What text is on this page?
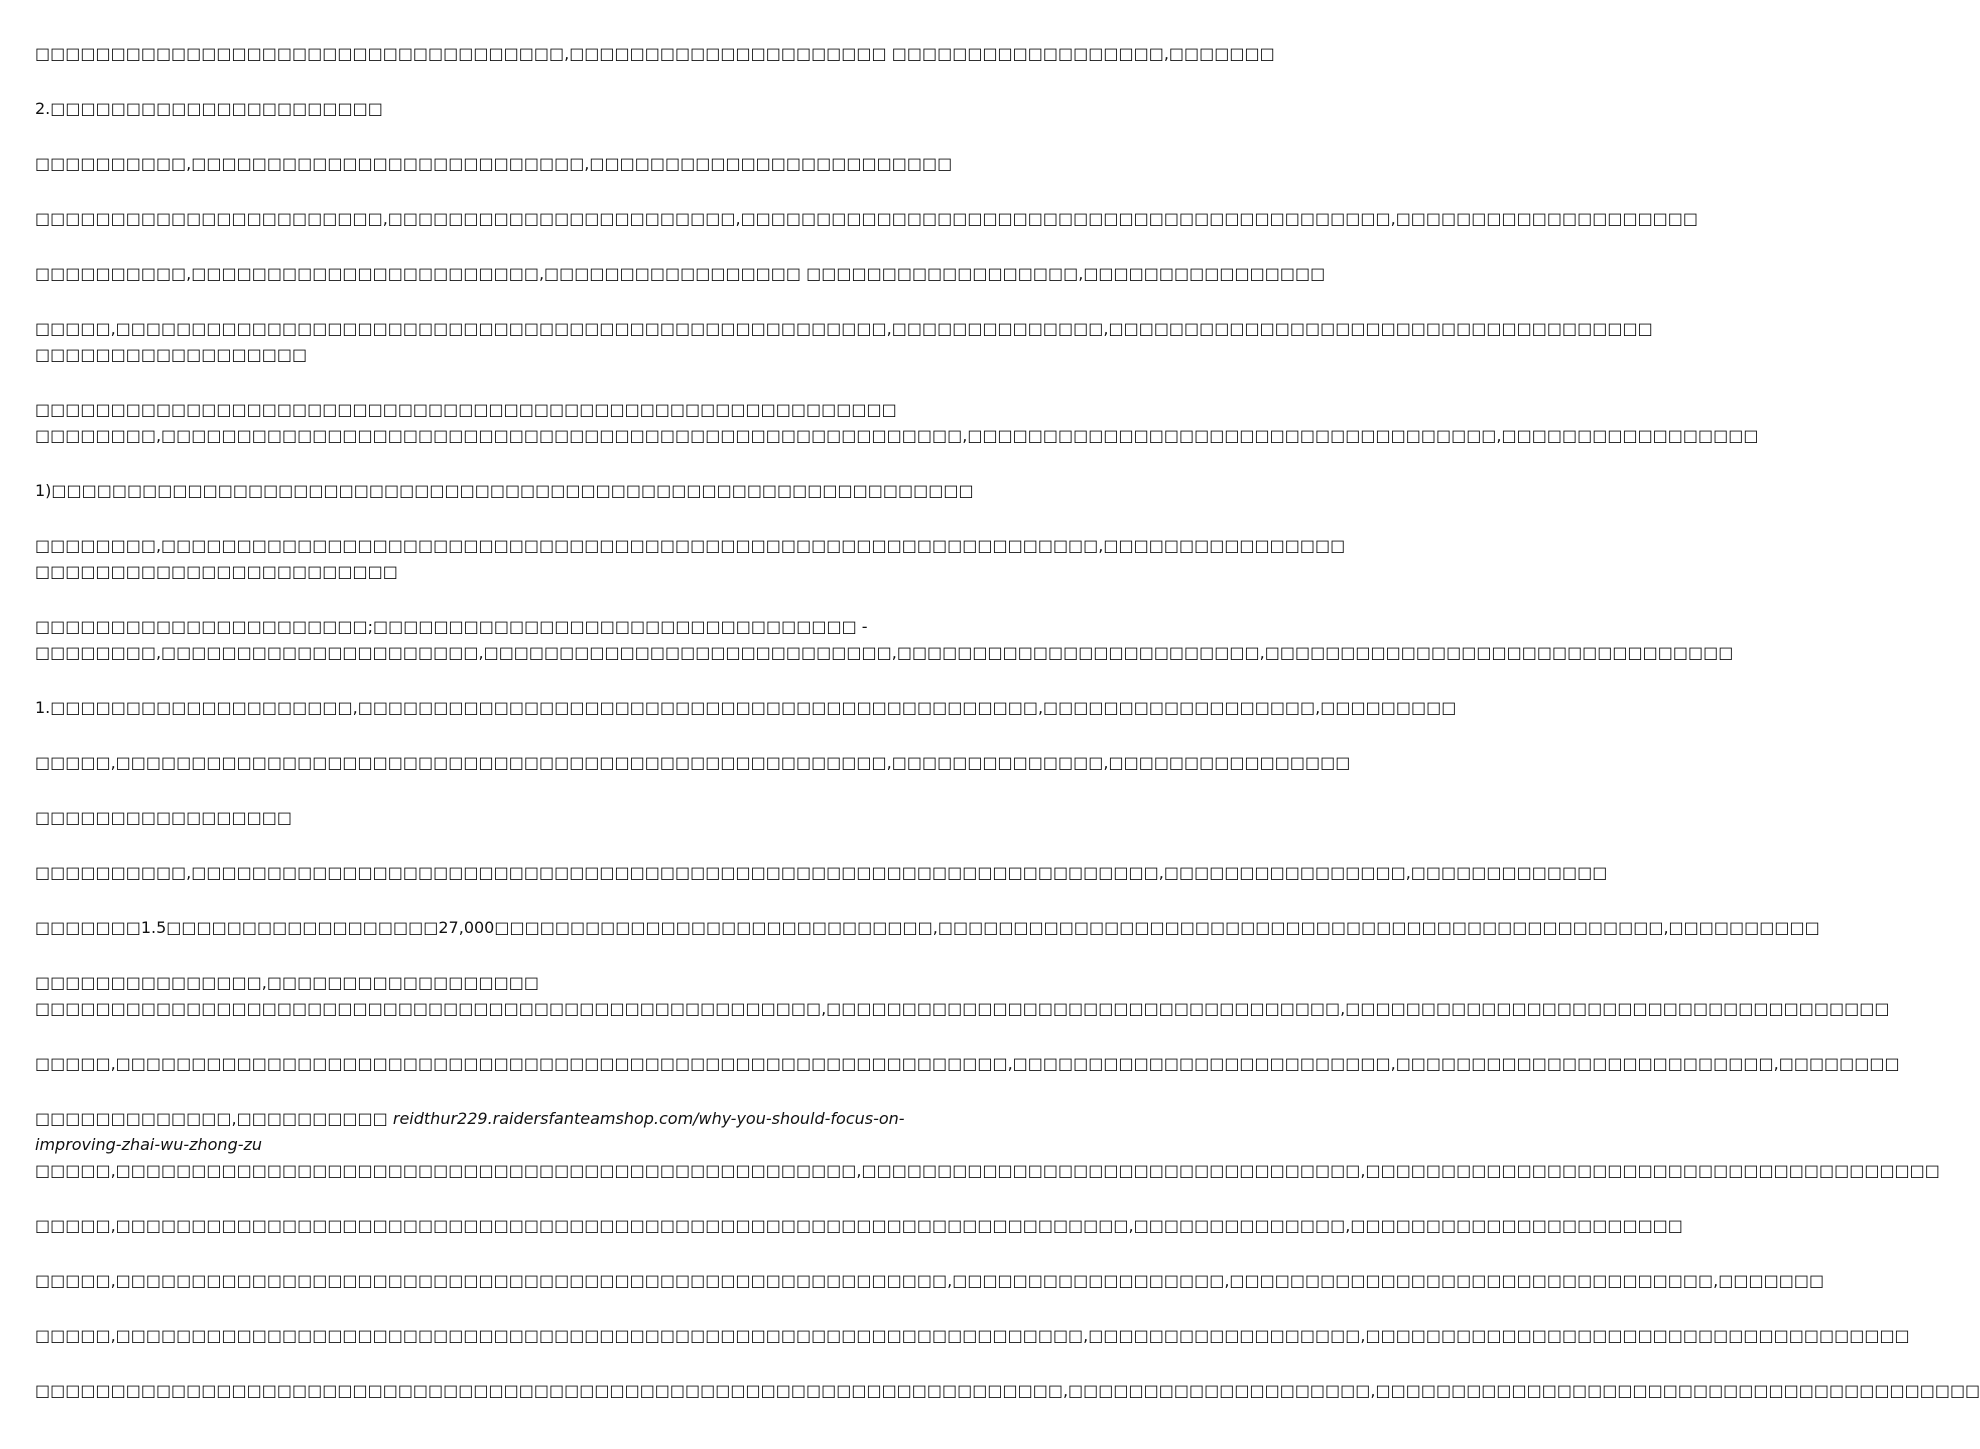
□□□□□□□□□□□□□□□□□□□□□□□□□□□□□□□□□□□,□□□□□□□□□□□□□□□□□□□□□ □□□□□□□□□□□□□□□□□□,□□□□□□□

2.□□□□□□□□□□□□□□□□□□□□□□

□□□□□□□□□□,□□□□□□□□□□□□□□□□□□□□□□□□□□,□□□□□□□□□□□□□□□□□□□□□□□□

□□□□□□□□□□□□□□□□□□□□□□□,□□□□□□□□□□□□□□□□□□□□□□□,□□□□□□□□□□□□□□□□□□□□□□□□□□□□□□□□□□□□□□□□□□□,□□□□□□□□□□□□□□□□□□□□

□□□□□□□□□□,□□□□□□□□□□□□□□□□□□□□□□□,□□□□□□□□□□□□□□□□□ □□□□□□□□□□□□□□□□□□,□□□□□□□□□□□□□□□□

□□□□□,□□□□□□□□□□□□□□□□□□□□□□□□□□□□□□□□□□□□□□□□□□□□□□□□□□□,□□□□□□□□□□□□□□,□□□□□□□□□□□□□□□□□□□□□□□□□□□□□□□□□□□□
□□□□□□□□□□□□□□□□□□

□□□□□□□□□□□□□□□□□□□□□□□□□□□□□□□□□□□□□□□□□□□□□□□□□□□□□□□□□

□□□□□□□□,□□□□□□□□□□□□□□□□□□□□□□□□□□□□□□□□□□□□□□□□□□□□□□□□□□□□□,□□□□□□□□□□□□□□□□□□□□□□□□□□□□□□□□□□□,□□□□□□□□□□□□□□□□□

1)□□□□□□□□□□□□□□□□□□□□□□□□□□□□□□□□□□□□□□□□□□□□□□□□□□□□□□□□□□□□□

□□□□□□□□,□□□□□□□□□□□□□□□□□□□□□□□□□□□□□□□□□□□□□□□□□□□□□□□□□□□□□□□□□□□□□□,□□□□□□□□□□□□□□□□
□□□□□□□□□□□□□□□□□□□□□□□□

□□□□□□□□□□□□□□□□□□□□□□;□□□□□□□□□□□□□□□□□□□□□□□□□□□□□□□□ -

□□□□□□□□,□□□□□□□□□□□□□□□□□□□□□,□□□□□□□□□□□□□□□□□□□□□□□□□□□,□□□□□□□□□□□□□□□□□□□□□□□□,□□□□□□□□□□□□□□□□□□□□□□□□□□□□□□□

1.□□□□□□□□□□□□□□□□□□□□,□□□□□□□□□□□□□□□□□□□□□□□□□□□□□□□□□□□□□□□□□□□□□,□□□□□□□□□□□□□□□□□□,□□□□□□□□□

□□□□□,□□□□□□□□□□□□□□□□□□□□□□□□□□□□□□□□□□□□□□□□□□□□□□□□□□□,□□□□□□□□□□□□□□,□□□□□□□□□□□□□□□□

□□□□□□□□□□□□□□□□□

□□□□□□□□□□,□□□□□□□□□□□□□□□□□□□□□□□□□□□□□□□□□□□□□□□□□□□□□□□□□□□□□□□□□□□□□□□□,□□□□□□□□□□□□□□□□,□□□□□□□□□□□□□

□□□□□□□1.5□□□□□□□□□□□□□□□□□□27,000□□□□□□□□□□□□□□□□□□□□□□□□□□□□□,□□□□□□□□□□□□□□□□□□□□□□□□□□□□□□□□□□□□□□□□□□□□□□□□,□□□□□□□□□□

□□□□□□□□□□□□□□□,□□□□□□□□□□□□□□□□□□

□□□□□□□□□□□□□□□□□□□□□□□□□□□□□□□□□□□□□□□□□□□□□□□□□□□□,□□□□□□□□□□□□□□□□□□□□□□□□□□□□□□□□□□,□□□□□□□□□□□□□□□□□□□□□□□□□□□□□□□□□□□□

□□□□□,□□□□□□□□□□□□□□□□□□□□□□□□□□□□□□□□□□□□□□□□□□□□□□□□□□□□□□□□□□□,□□□□□□□□□□□□□□□□□□□□□□□□□,□□□□□□□□□□□□□□□□□□□□□□□□□,□□□□□□□□

□□□□□□□□□□□□□,□□□□□□□□□□ reidthur229.raidersfanteamshop.com/why-you-should-focus-on-improving-zhai-wu-zhong-zu

□□□□□,□□□□□□□□□□□□□□□□□□□□□□□□□□□□□□□□□□□□□□□□□□□□□□□□□,□□□□□□□□□□□□□□□□□□□□□□□□□□□□□□□□□,□□□□□□□□□□□□□□□□□□□□□□□□□□□□□□□□□□□□□□

□□□□□,□□□□□□□□□□□□□□□□□□□□□□□□□□□□□□□□□□□□□□□□□□□□□□□□□□□□□□□□□□□□□□□□□□□,□□□□□□□□□□□□□□,□□□□□□□□□□□□□□□□□□□□□□

□□□□□,□□□□□□□□□□□□□□□□□□□□□□□□□□□□□□□□□□□□□□□□□□□□□□□□□□□□□□□,□□□□□□□□□□□□□□□□□□,□□□□□□□□□□□□□□□□□□□□□□□□□□□□□□□□,□□□□□□□

□□□□□,□□□□□□□□□□□□□□□□□□□□□□□□□□□□□□□□□□□□□□□□□□□□□□□□□□□□□□□□□□□□□□□□,□□□□□□□□□□□□□□□□□□,□□□□□□□□□□□□□□□□□□□□□□□□□□□□□□□□□□□□

□□□□□□□□□□□□□□□□□□□□□□□□□□□□□□□□□□□□□□□□□□□□□□□□□□□□□□□□□□□□□□□□□□□□,□□□□□□□□□□□□□□□□□□□□,□□□□□□□□□□□□□□□□□□□□□□□□□□□□□□□□□□□□□□□□
